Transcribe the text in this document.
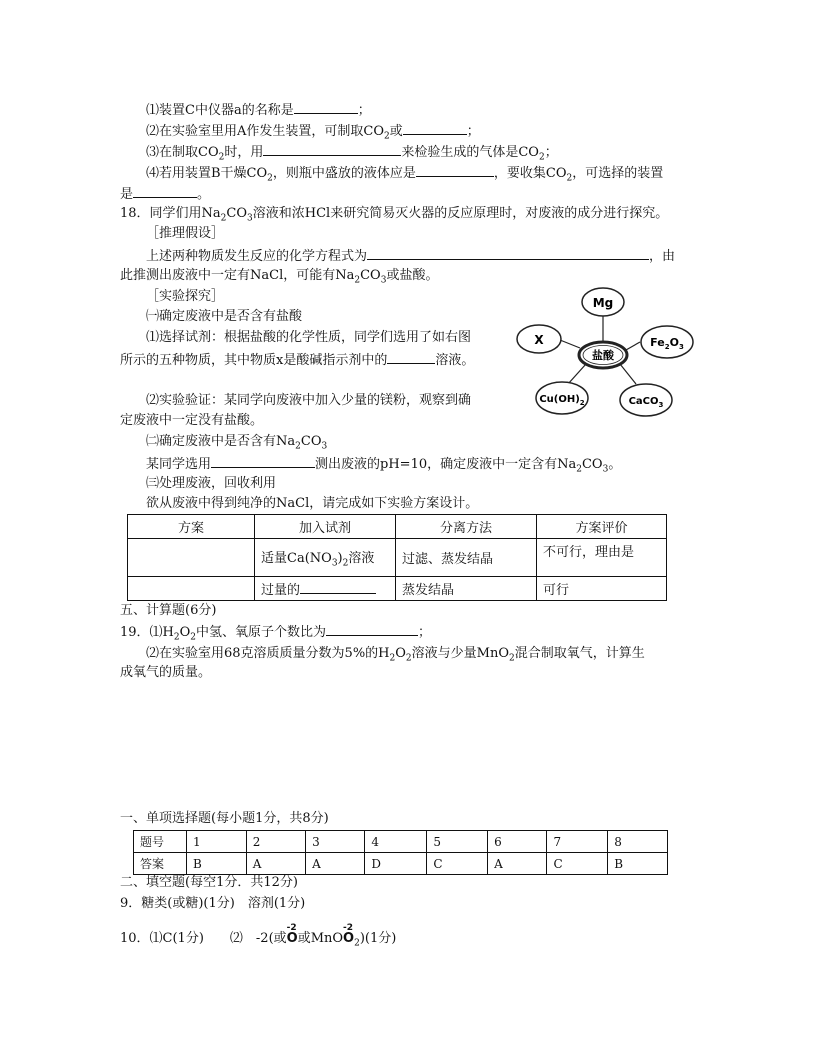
⑴装置C中仪器a的名称是	；
⑵在实验室里用A作发生装置，可制取$CO_2$或	；
⑶在制取$CO_2$时，用	来检验生成的气体是$CO_2$；
⑷若用装置B干燥$CO_2$，则瓶中盛放的液体应是	，要收集$CO_2$，可选择的装置
是	。
18．同学们用$Na_2CO_3$溶液和浓HCl来研究简易灭火器的反应原理时，对废液的成分进行探究。
［推理假设］
上述两种物质发生反应的化学方程式为	，由
此推测出废液中一定有NaCl，可能有$Na_2CO_3$或盐酸。
［实验探究］
㈠确定废液中是否含有盐酸
⑴选择试剂：根据盐酸的化学性质，同学们选用了如右图
所示的五种物质，其中物质x是酸碱指示剂中的	溶液。
⑵实验验证：某同学向废液中加入少量的镁粉，观察到确
定废液中一定没有盐酸。
㈡确定废液中是否含有$Na_2CO_3$
某同学选用	测出废液的pH=10，确定废液中一定含有$Na_2CO_3$。
㈢处理废液，回收利用
欲从废液中得到纯净的NaCl，请完成如下实验方案设计。
Mg
X	$Fe_2O_3$
盐酸
$Cu(OH)_2$	CaCO$_3$
方案	加入试剂	分离方法	方案评价
	适量$Ca(NO_3)_2$溶液	过滤、蒸发结晶	不可行，理由是
	过量的	蒸发结晶	可行
五、计算题(6分)
19．$⑴H_2O_2$中氢、氧原子个数比为	；
⑵在实验室用68克溶质质量分数为5%的$H_2O_2$溶液与少量MnO$_2$混合制取氧气，计算生
成氧气的质量。
一、单项选择题(每小题1分，共8分)
题号	1	2	3	4	5	6	7	8
答案	B	A	A	D	C	A	C	B
二、填空题(每空1分．共12分)
9．糖类(或糖)(1分)　溶剂(1分)
10．⑴C(1分)　　⑵　-2(或
-2
O或MnO
-2
$O_2)(1$分)
